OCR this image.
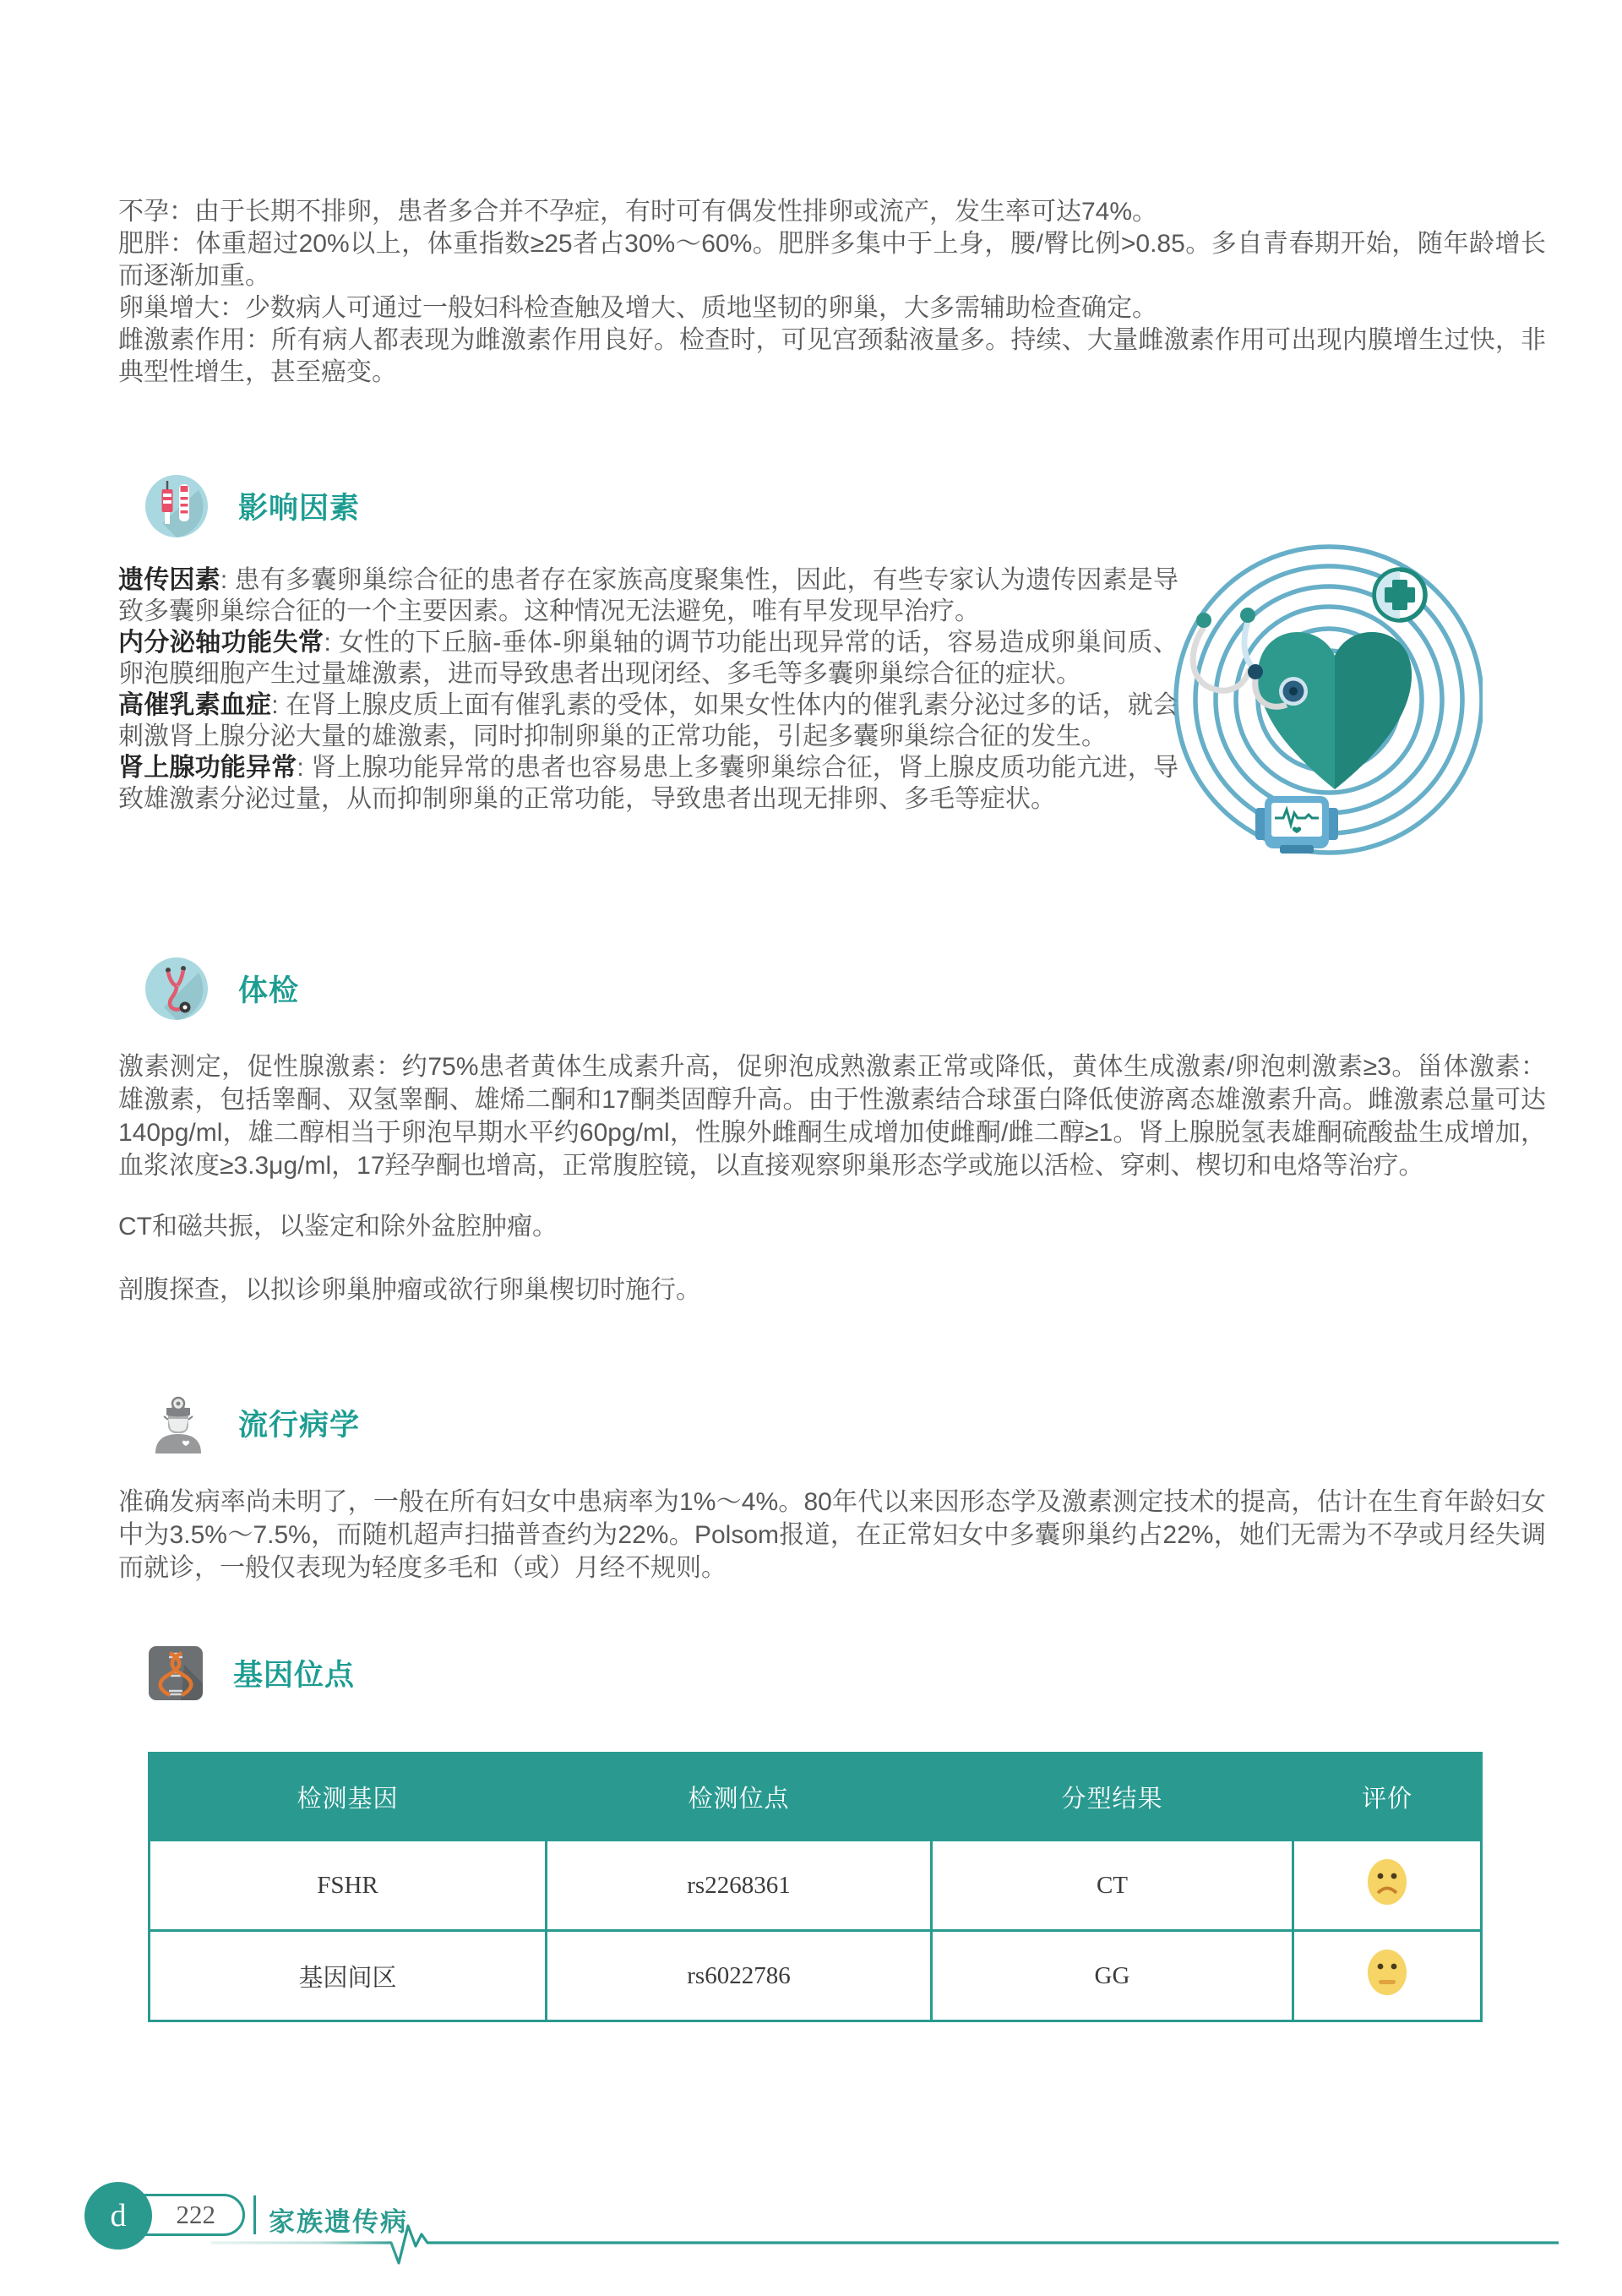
不孕：由于长期不排卵，患者多合并不孕症，有时可有偶发性排卵或流产，发生率可达74%。

肥胖：体重超过20%以上，体重指数≥25者占30%～60%。肥胖多集中于上身，腰/臀比例>0.85。多自青春期开始，随年龄增长而逐渐加重。

卵巢增大：少数病人可通过一般妇科检查触及增大、质地坚韧的卵巢，大多需辅助检查确定。

雌激素作用：所有病人都表现为雌激素作用良好。检查时，可见宫颈黏液量多。持续、大量雌激素作用可出现内膜增生过快，非典型性增生，甚至癌变。

影响因素

遗传因素: 患有多囊卵巢综合征的患者存在家族高度聚集性，因此，有些专家认为遗传因素是导致多囊卵巢综合征的一个主要因素。这种情况无法避免，唯有早发现早治疗。

内分泌轴功能失常: 女性的下丘脑-垂体-卵巢轴的调节功能出现异常的话，容易造成卵巢间质、卵泡膜细胞产生过量雄激素，进而导致患者出现闭经、多毛等多囊卵巢综合征的症状。

高催乳素血症: 在肾上腺皮质上面有催乳素的受体，如果女性体内的催乳素分泌过多的话，就会刺激肾上腺分泌大量的雄激素，同时抑制卵巢的正常功能，引起多囊卵巢综合征的发生。

肾上腺功能异常: 肾上腺功能异常的患者也容易患上多囊卵巢综合征，肾上腺皮质功能亢进，导致雄激素分泌过量，从而抑制卵巢的正常功能，导致患者出现无排卵、多毛等症状。

体检

激素测定，促性腺激素：约75%患者黄体生成素升高，促卵泡成熟激素正常或降低，黄体生成激素/卵泡刺激素≥3。甾体激素：雄激素，包括睾酮、双氢睾酮、雄烯二酮和17酮类固醇升高。由于性激素结合球蛋白降低使游离态雄激素升高。雌激素总量可达140pg/ml，雄二醇相当于卵泡早期水平约60pg/ml，性腺外雌酮生成增加使雌酮/雌二醇≥1。肾上腺脱氢表雄酮硫酸盐生成增加，血浆浓度≥3.3μg/ml，17羟孕酮也增高，正常腹腔镜，以直接观察卵巢形态学或施以活检、穿刺、楔切和电烙等治疗。

CT和磁共振，以鉴定和除外盆腔肿瘤。

剖腹探查，以拟诊卵巢肿瘤或欲行卵巢楔切时施行。

流行病学

准确发病率尚未明了，一般在所有妇女中患病率为1%～4%。80年代以来因形态学及激素测定技术的提高，估计在生育年龄妇女中为3.5%～7.5%，而随机超声扫描普查约为22%。Polsom报道，在正常妇女中多囊卵巢约占22%，她们无需为不孕或月经失调而就诊，一般仅表现为轻度多毛和（或）月经不规则。

基因位点
检测基因	检测位点	分型结果	评价
FSHR	rs2268361	CT	

基因间区	rs6022786	GG	
d	222	家族遗传病
